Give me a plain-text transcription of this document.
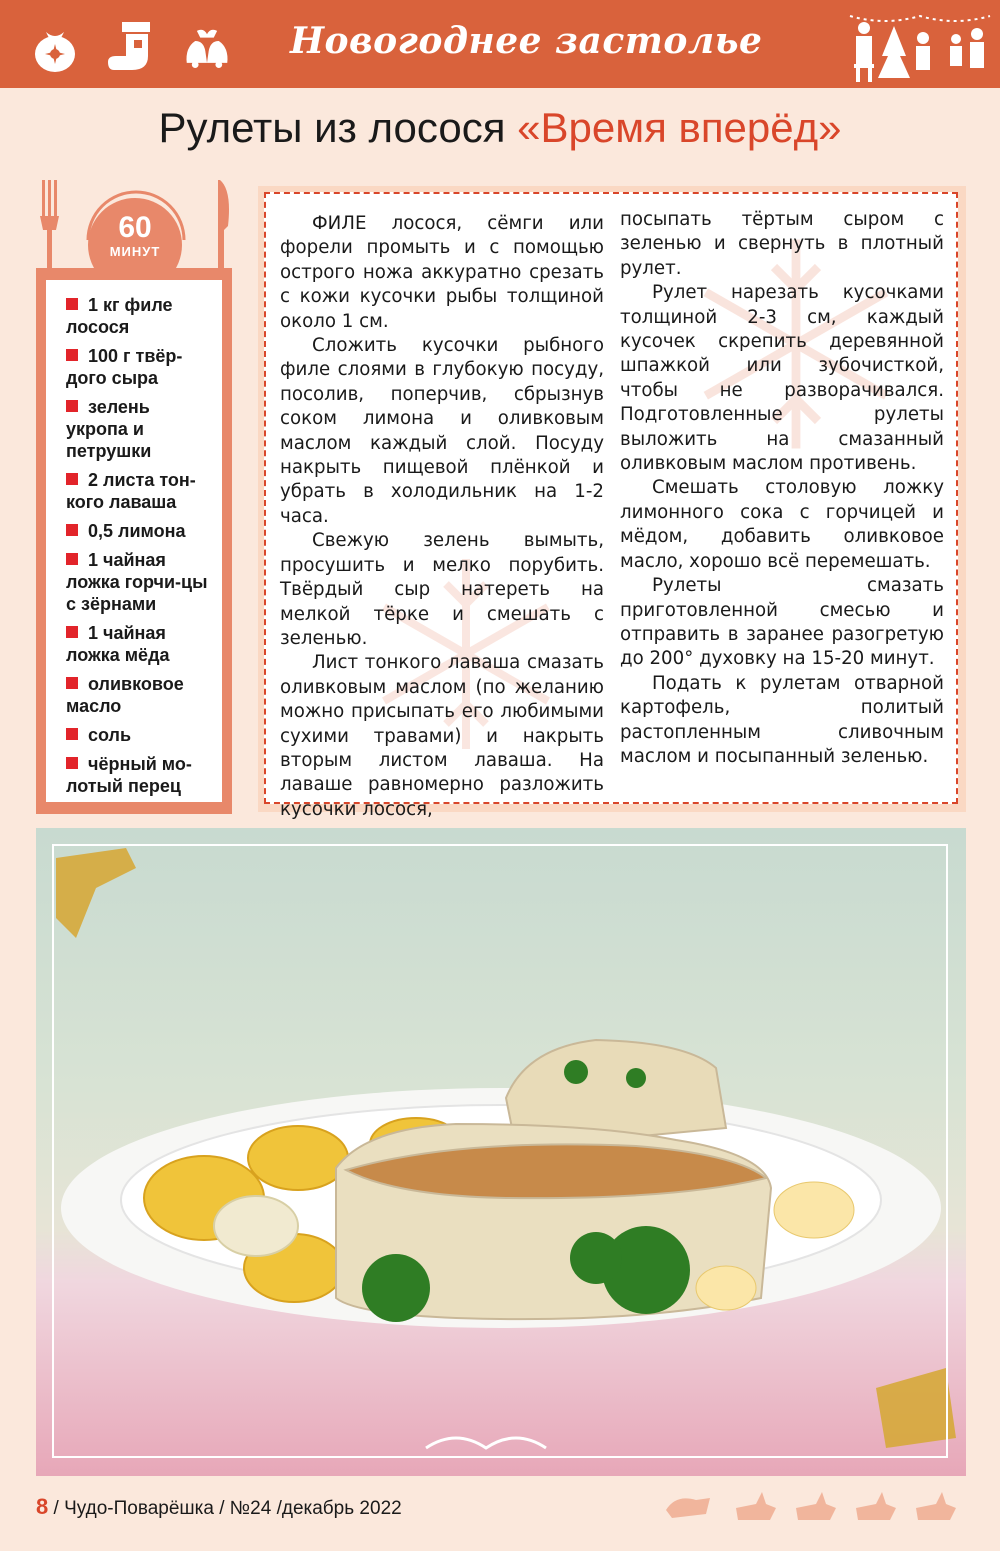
Новогоднее застолье
Рулеты из лосося «Время вперёд»
60
МИНУТ
1 кг филе лосося
100 г твёр-дого сыра
зелень укропа и петрушки
2 листа тон-кого лаваша
0,5 лимона
1 чайная ложка горчи-цы с зёрнами
1 чайная ложка мёда
оливковое масло
соль
чёрный мо-лотый перец

ФИЛЕ лосося, сёмги или форели промыть и с помощью острого ножа аккуратно срезать с кожи кусочки рыбы толщиной около 1 см.

Сложить кусочки рыбного филе слоями в глубокую посуду, посолив, поперчив, сбрызнув соком лимона и оливковым маслом каждый слой. Посуду накрыть пищевой плёнкой и убрать в холодильник на 1-2 часа.

Свежую зелень вымыть, просушить и мелко порубить. Твёрдый сыр натереть на мелкой тёрке и смешать с зеленью.

Лист тонкого лаваша смазать оливковым маслом (по желанию можно присыпать его любимыми сухими травами) и накрыть вторым листом лаваша. На лаваше равномерно разложить кусочки лосося,

посыпать тёртым сыром с зеленью и свернуть в плотный рулет.

Рулет нарезать кусочками толщиной 2-3 см, каждый кусочек скрепить деревянной шпажкой или зубочисткой, чтобы не разворачивался. Подготовленные рулеты выложить на смазанный оливковым маслом противень.

Смешать столовую ложку лимонного сока с горчицей и мёдом, добавить оливковое масло, хорошо всё перемешать.

Рулеты смазать приготовленной смесью и отправить в заранее разогретую до 200° духовку на 15-20 минут.

Подать к рулетам отварной картофель, политый растопленным сливочным маслом и посыпанный зеленью.

8 / Чудо-Поварёшка / №24 /декабрь 2022
